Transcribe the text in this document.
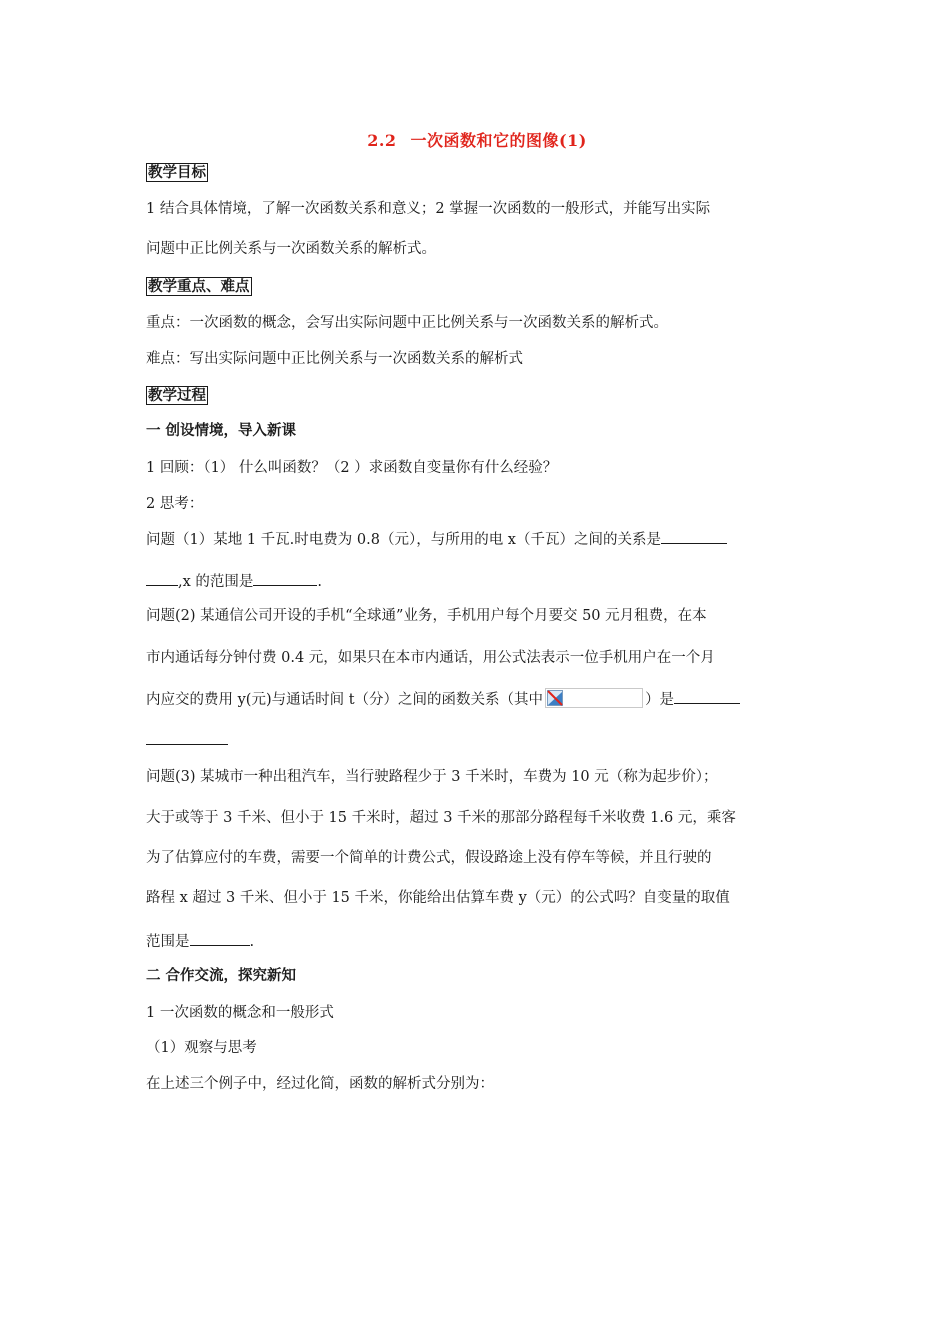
2.2 一次函数和它的图像(1)
教学目标
1 结合具体情境，了解一次函数关系和意义；2 掌握一次函数的一般形式，并能写出实际
问题中正比例关系与一次函数关系的解析式。
教学重点、难点
重点：一次函数的概念，会写出实际问题中正比例关系与一次函数关系的解析式。
难点：写出实际问题中正比例关系与一次函数关系的解析式
教学过程
一 创设情境，导入新课
1 回顾：（1） 什么叫函数？（2 ）求函数自变量你有什么经验？
2 思考：
问题（1）某地 1 千瓦.时电费为 0.8（元），与所用的电 x（千瓦）之间的关系是
,x 的范围是	.
问题(2) 某通信公司开设的手机“全球通”业务，手机用户每个月要交 50 元月租费，在本
市内通话每分钟付费 0.4 元，如果只在本市内通话，用公式法表示一位手机用户在一个月
内应交的费用 y(元)与通话时间 t（分）之间的函数关系（其中	）是
问题(3) 某城市一种出租汽车，当行驶路程少于 3 千米时，车费为 10 元（称为起步价）；
大于或等于 3 千米、但小于 15 千米时，超过 3 千米的那部分路程每千米收费 1.6 元，乘客
为了估算应付的车费，需要一个简单的计费公式，假设路途上没有停车等候，并且行驶的
路程 x 超过 3 千米、但小于 15 千米，你能给出估算车费 y（元）的公式吗？自变量的取值
范围是	.
二 合作交流，探究新知
1 一次函数的概念和一般形式
（1）观察与思考
在上述三个例子中，经过化简，函数的解析式分别为：
